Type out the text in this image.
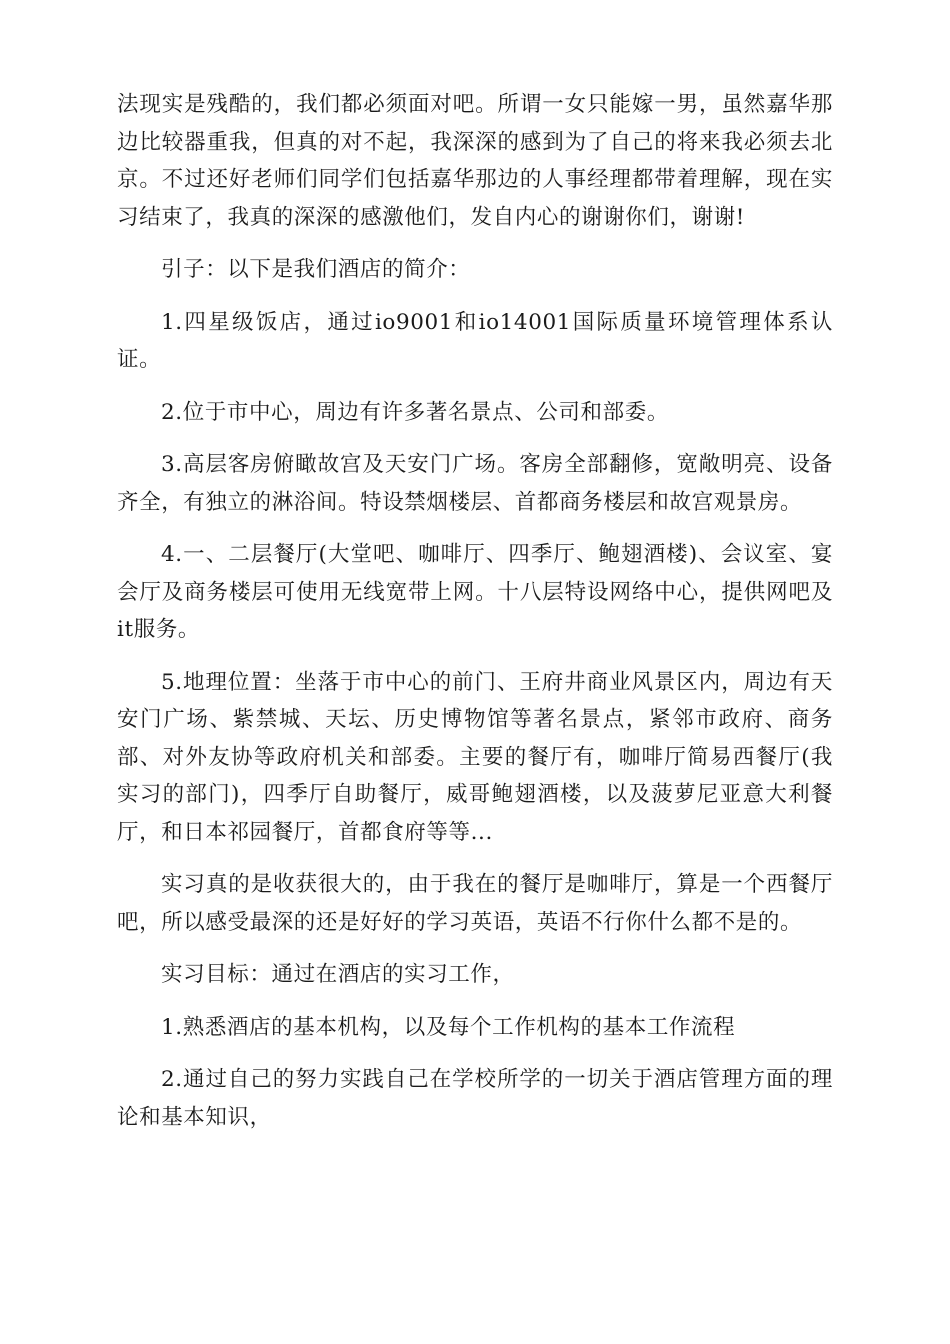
法现实是残酷的，我们都必须面对吧。所谓一女只能嫁一男，虽然嘉华那边比较器重我，但真的对不起，我深深的感到为了自己的将来我必须去北京。不过还好老师们同学们包括嘉华那边的人事经理都带着理解，现在实习结束了，我真的深深的感激他们，发自内心的谢谢你们，谢谢!

引子：以下是我们酒店的简介：

1.四星级饭店，通过io9001和io14001国际质量环境管理体系认证。

2.位于市中心，周边有许多著名景点、公司和部委。

3.高层客房俯瞰故宫及天安门广场。客房全部翻修，宽敞明亮、设备齐全，有独立的淋浴间。特设禁烟楼层、首都商务楼层和故宫观景房。

4.一、二层餐厅(大堂吧、咖啡厅、四季厅、鲍翅酒楼)、会议室、宴会厅及商务楼层可使用无线宽带上网。十八层特设网络中心，提供网吧及it服务。

5.地理位置：坐落于市中心的前门、王府井商业风景区内，周边有天安门广场、紫禁城、天坛、历史博物馆等著名景点，紧邻市政府、商务部、对外友协等政府机关和部委。主要的餐厅有，咖啡厅简易西餐厅(我实习的部门)，四季厅自助餐厅，威哥鲍翅酒楼，以及菠萝尼亚意大利餐厅，和日本祁园餐厅，首都食府等等...

实习真的是收获很大的，由于我在的餐厅是咖啡厅，算是一个西餐厅吧，所以感受最深的还是好好的学习英语，英语不行你什么都不是的。

实习目标：通过在酒店的实习工作，

1.熟悉酒店的基本机构，以及每个工作机构的基本工作流程

2.通过自己的努力实践自己在学校所学的一切关于酒店管理方面的理论和基本知识，
